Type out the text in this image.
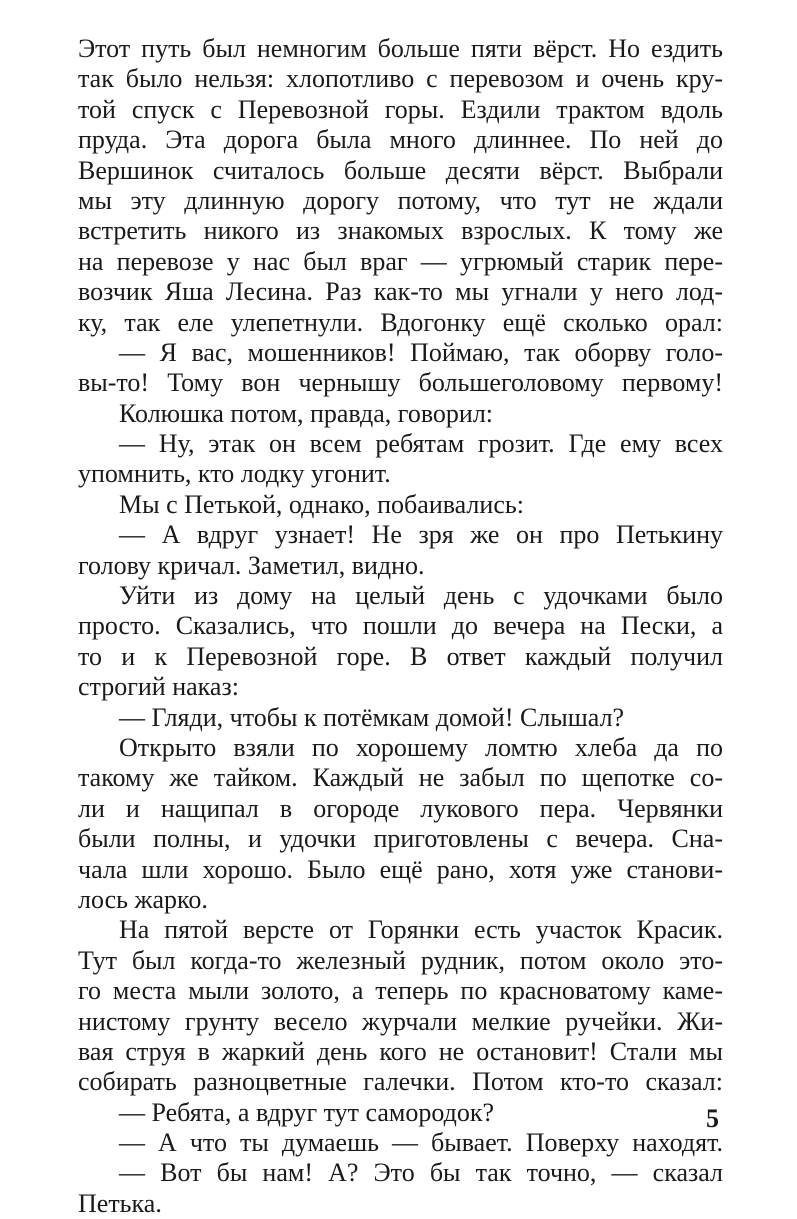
Этот путь был немногим больше пяти вёрст. Но ездить
так было нельзя: хлопотливо с перевозом и очень кру-
той спуск с Перевозной горы. Ездили трактом вдоль
пруда. Эта дорога была много длиннее. По ней до
Вершинок считалось больше десяти вёрст. Выбрали
мы эту длинную дорогу потому, что тут не ждали
встретить никого из знакомых взрослых. К тому же
на перевозе у нас был враг — угрюмый старик пере-
возчик Яша Лесина. Раз как-то мы угнали у него лод-
ку, так еле улепетнули. Вдогонку ещё сколько орал:
— Я вас, мошенников! Поймаю, так оборву голо-
вы-то! Тому вон чернышу большеголовому первому!
Колюшка потом, правда, говорил:
— Ну, этак он всем ребятам грозит. Где ему всех
упомнить, кто лодку угонит.
Мы с Петькой, однако, побаивались:
— А вдруг узнает! Не зря же он про Петькину
голову кричал. Заметил, видно.
Уйти из дому на целый день с удочками было
просто. Сказались, что пошли до вечера на Пески, а
то и к Перевозной горе. В ответ каждый получил
строгий наказ:
— Гляди, чтобы к потёмкам домой! Слышал?
Открыто взяли по хорошему ломтю хлеба да по
такому же тайком. Каждый не забыл по щепотке со-
ли и нащипал в огороде лукового пера. Червянки
были полны, и удочки приготовлены с вечера. Сна-
чала шли хорошо. Было ещё рано, хотя уже станови-
лось жарко.
На пятой версте от Горянки есть участок Красик.
Тут был когда-то железный рудник, потом около это-
го места мыли золото, а теперь по красноватому каме-
нистому грунту весело журчали мелкие ручейки. Жи-
вая струя в жаркий день кого не остановит! Стали мы
собирать разноцветные галечки. Потом кто-то сказал:
— Ребята, а вдруг тут самородок?
— А что ты думаешь — бывает. Поверху находят.
— Вот бы нам! А? Это бы так точно, — сказал
Петька.
5
